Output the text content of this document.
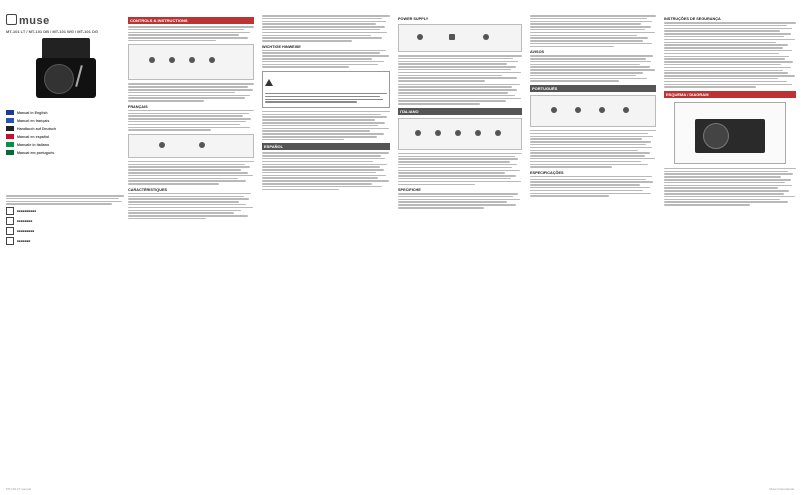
muse
MT-101 LT / MT-101 DB / MT-101 WG / MT-101 DG
Manual in English
Manuel en français
Handbuch auf Deutsch
Manual en español
Manuale in italiano
Manual em português
■■■■■■■■■■
■■■■■■■■
■■■■■■■■■
■■■■■■■
CONTROLS & INSTRUCTIONS
FRANÇAIS
CARACTÉRISTIQUES
WICHTIGE HINWEISE
ESPAÑOL
POWER SUPPLY
ITALIANO
SPECIFICHE
AVISOS
PORTUGUÊS
ESPECIFICAÇÕES
INSTRUÇÕES DE SEGURANÇA
ESQUEMA / DIAGRAM
MT-101 LT manual	Muse International
